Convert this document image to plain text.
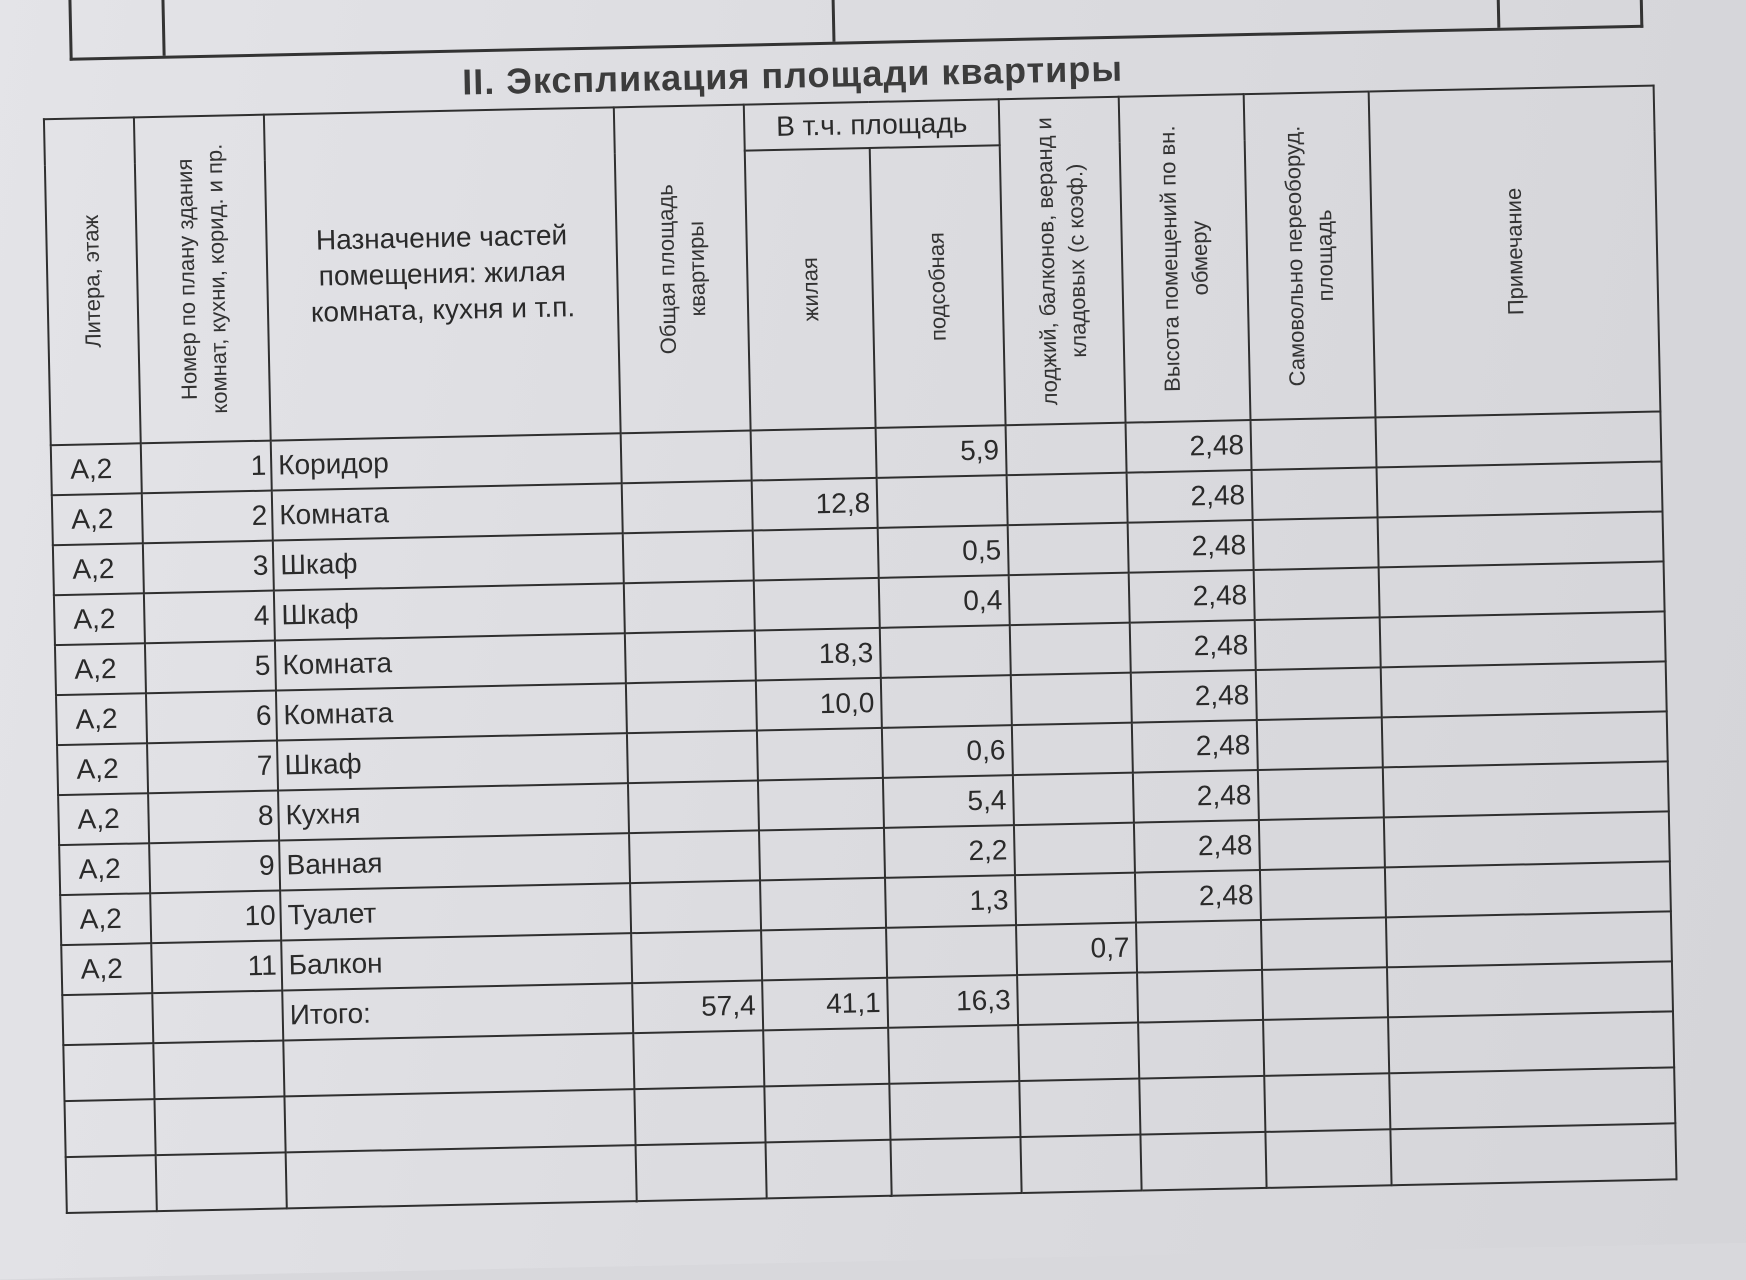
II. Экспликация площади квартиры
Литера, этаж	Номер по плану здания комнат, кухни, корид. и пр.	Назначение частей помещения: жилая комната, кухня и т.п.	Общая площадь квартиры	В т.ч. площадь		лоджий, балконов, веранд и кладовых (с коэф.)	Высота помещений по вн. обмеру	Самовольно переоборуд. площадь	Примечание

				жилая	подсобная				

А,2	1	Коридор			5,9		2,48		
А,2	2	Комната		12,8			2,48		
А,2	3	Шкаф			0,5		2,48		
А,2	4	Шкаф			0,4		2,48		
А,2	5	Комната		18,3			2,48		
А,2	6	Комната		10,0			2,48		
А,2	7	Шкаф			0,6		2,48		
А,2	8	Кухня			5,4		2,48		
А,2	9	Ванная			2,2		2,48		
А,2	10	Туалет			1,3		2,48		
А,2	11	Балкон				0,7			
		Итого:	57,4	41,1	16,3				
